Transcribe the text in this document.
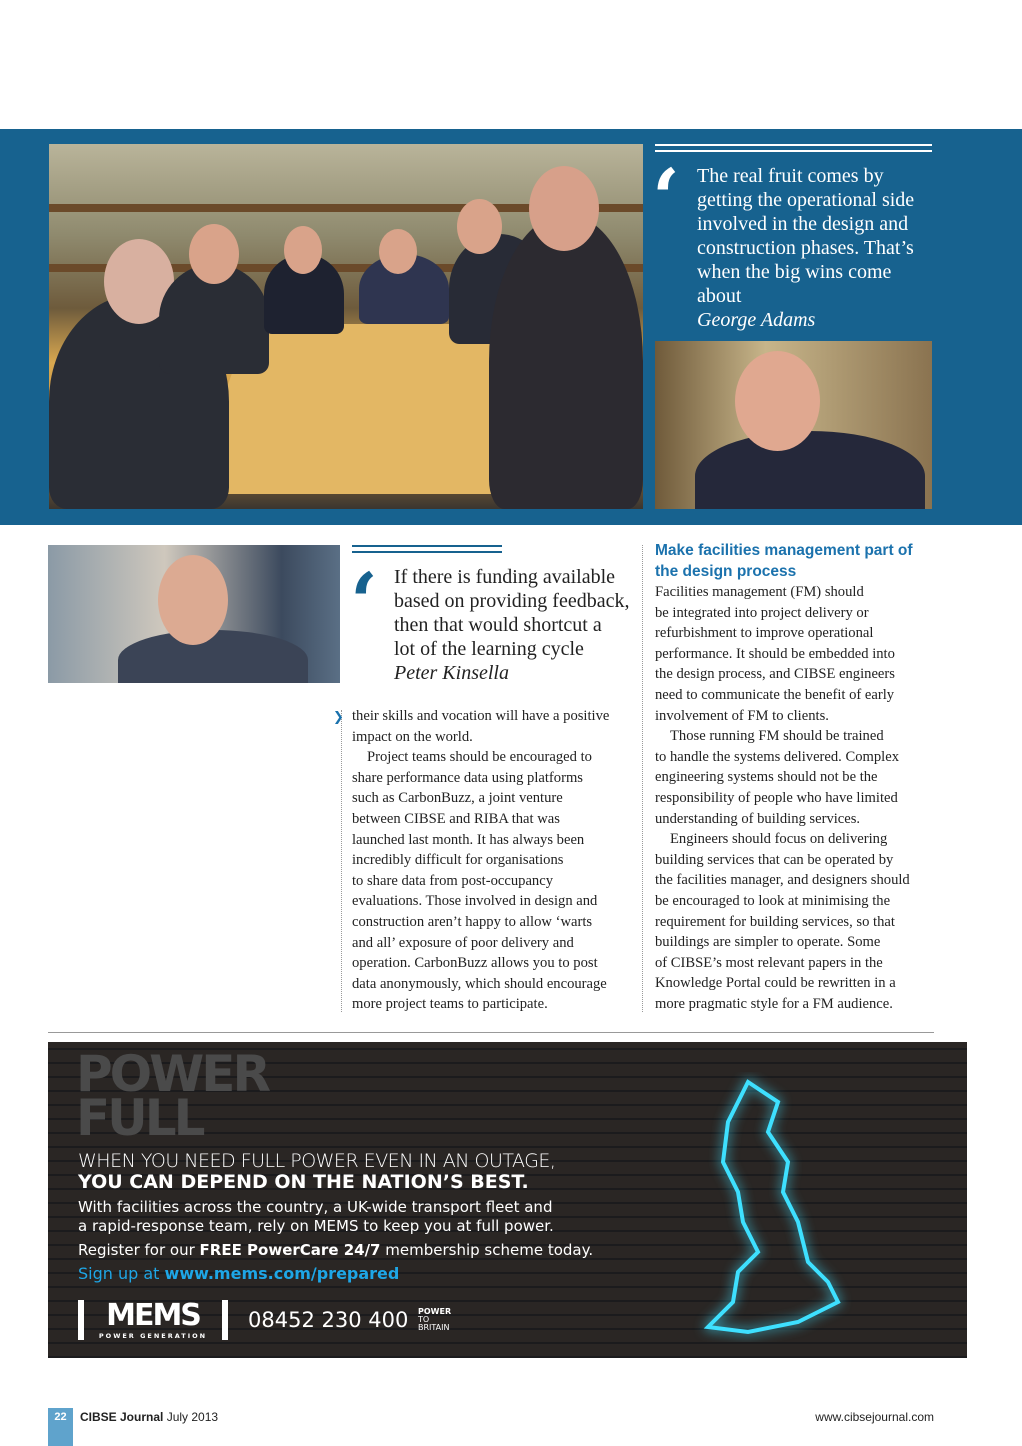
‘ The real fruit comes by
getting the operational side
involved in the design and
construction phases. That’s
when the big wins come
about
George Adams
‘ If there is funding available
based on providing feedback,
then that would shortcut a
lot of the learning cycle
Peter Kinsella
❯ their skills and vocation will have a positive
impact on the world.
Project teams should be encouraged to
share performance data using platforms
such as CarbonBuzz, a joint venture
between CIBSE and RIBA that was
launched last month. It has always been
incredibly difficult for organisations
to share data from post-occupancy
evaluations. Those involved in design and
construction aren’t happy to allow ‘warts
and all’ exposure of poor delivery and
operation. CarbonBuzz allows you to post
data anonymously, which should encourage
more project teams to participate.
Make facilities management part of
the design process
Facilities management (FM) should
be integrated into project delivery or
refurbishment to improve operational
performance. It should be embedded into
the design process, and CIBSE engineers
need to communicate the benefit of early
involvement of FM to clients.
Those running FM should be trained
to handle the systems delivered. Complex
engineering systems should not be the
responsibility of people who have limited
understanding of building services.
Engineers should focus on delivering
building services that can be operated by
the facilities manager, and designers should
be encouraged to look at minimising the
requirement for building services, so that
buildings are simpler to operate. Some
of CIBSE’s most relevant papers in the
Knowledge Portal could be rewritten in a
more pragmatic style for a FM audience.
POWER
FULL
WHEN YOU NEED FULL POWER EVEN IN AN OUTAGE,
YOU CAN DEPEND ON THE NATION’S BEST.
With facilities across the country, a UK-wide transport fleet and
a rapid-response team, rely on MEMS to keep you at full power.
Register for our FREE PowerCare 24/7 membership scheme today.
Sign up at www.mems.com/prepared
MEMS
POWER GENERATION
08452 230 400 POWER
TO
BRITAIN
22	CIBSE Journal July 2013	www.cibsejournal.com
